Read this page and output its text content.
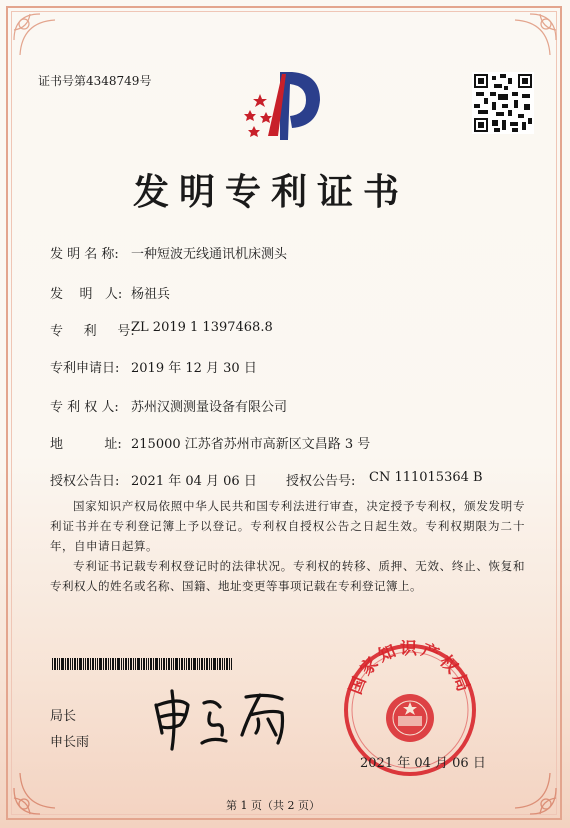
证书号第4348749号
发明专利证书
发 明 名 称: 一种短波无线通讯机床测头
发    明   人: 杨祖兵
专     利     号:
ZL 2019 1 1397468.8
专利申请日: 2019 年 12 月 30 日
专 利 权 人: 苏州汉测测量设备有限公司
地          址: 215000 江苏省苏州市高新区文昌路 3 号
授权公告日: 2021 年 04 月 06 日 授权公告号: CN 111015364 B
国家知识产权局依照中华人民共和国专利法进行审查，决定授予专利权，颁发发明专利证书并在专利登记簿上予以登记。专利权自授权公告之日起生效。专利权期限为二十年，自申请日起算。
专利证书记载专利权登记时的法律状况。专利权的转移、质押、无效、终止、恢复和专利权人的姓名或名称、国籍、地址变更等事项记载在专利登记簿上。
局长
申长雨
国家知识产权局
2021 年 04 月 06 日
第 1 页（共 2 页）
